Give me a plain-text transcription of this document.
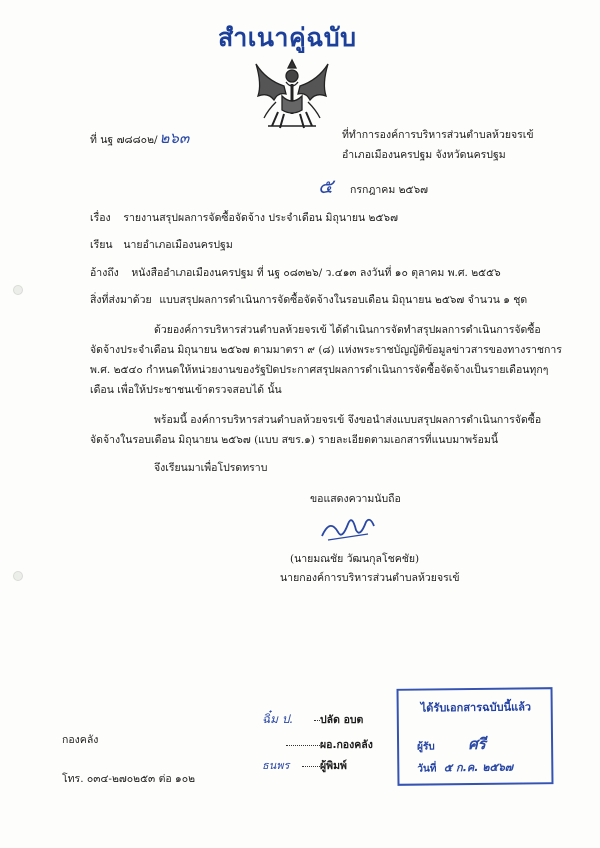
สำเนาคู่ฉบับ
ที่ นฐ ๗๘๘๐๒/ ๒๖๓	ที่ทำการองค์การบริหารส่วนตำบลห้วยจรเข้
อำเภอเมืองนครปฐม จังหวัดนครปฐม
๕ กรกฎาคม ๒๕๖๗
เรื่อง รายงานสรุปผลการจัดซื้อจัดจ้าง ประจำเดือน มิถุนายน ๒๕๖๗
เรียน นายอำเภอเมืองนครปฐม
อ้างถึง หนังสืออำเภอเมืองนครปฐม ที่ นฐ ๐๘๓๒๖/ ว.๔๑๓ ลงวันที่ ๑๐ ตุลาคม พ.ศ. ๒๕๕๖
สิ่งที่ส่งมาด้วย แบบสรุปผลการดำเนินการจัดซื้อจัดจ้างในรอบเดือน มิถุนายน ๒๕๖๗ จำนวน ๑ ชุด
ด้วยองค์การบริหารส่วนตำบลห้วยจรเข้ ได้ดำเนินการจัดทำสรุปผลการดำเนินการจัดซื้อ
จัดจ้างประจำเดือน มิถุนายน ๒๕๖๗ ตามมาตรา ๙ (๘) แห่งพระราชบัญญัติข้อมูลข่าวสารของทางราชการ
พ.ศ. ๒๕๔๐ กำหนดให้หน่วยงานของรัฐปิดประกาศสรุปผลการดำเนินการจัดซื้อจัดจ้างเป็นรายเดือนทุกๆ
เดือน เพื่อให้ประชาชนเข้าตรวจสอบได้ นั้น
พร้อมนี้ องค์การบริหารส่วนตำบลห้วยจรเข้ จึงขอนำส่งแบบสรุปผลการดำเนินการจัดซื้อ
จัดจ้างในรอบเดือน มิถุนายน ๒๕๖๗ (แบบ สขร.๑) รายละเอียดตามเอกสารที่แนบมาพร้อมนี้
จึงเรียนมาเพื่อโปรดทราบ
ขอแสดงความนับถือ
(นายมณชัย วัฒนกุลโชคชัย)
นายกองค์การบริหารส่วนตำบลห้วยจรเข้
ฉิ๋ม ป.	ปลัด อบต
ผอ.กองคลัง
ธนพร	ผู้พิมพ์
กองคลัง
โทร. ๐๓๔-๒๗๐๒๕๓ ต่อ ๑๐๒
ได้รับเอกสารฉบับนี้แล้ว
ผู้รับ ศรี
วันที่ ๕ ก.ค. ๒๕๖๗
